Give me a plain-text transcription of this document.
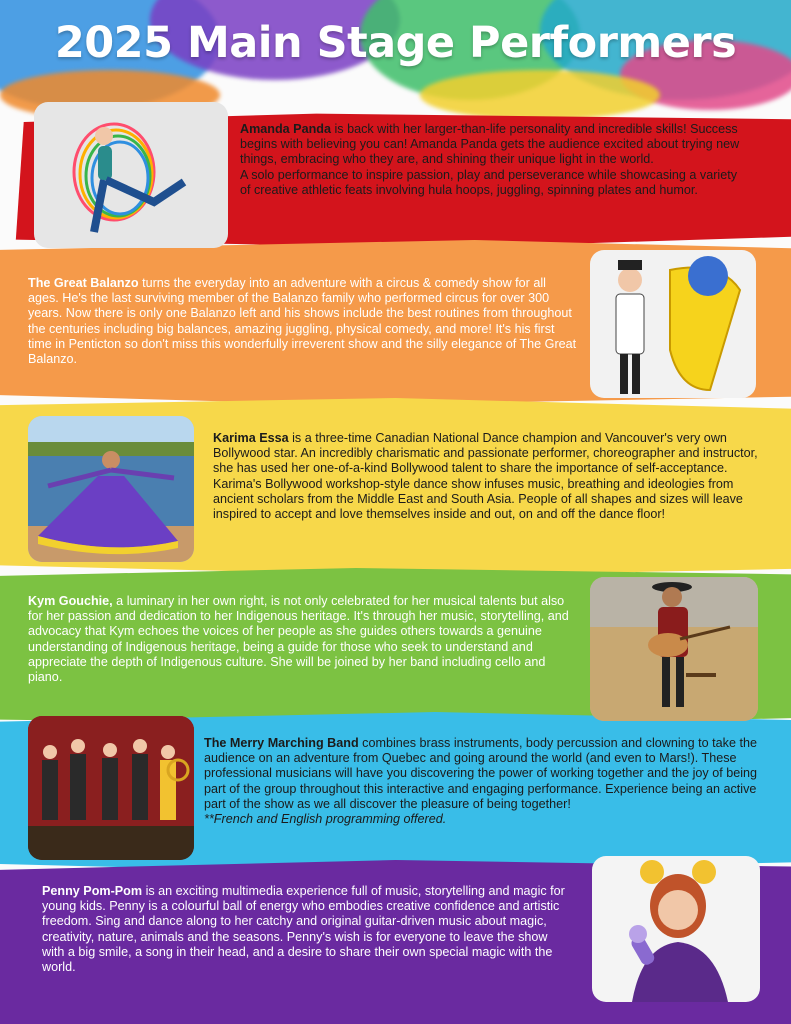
2025 Main Stage Performers

Amanda Panda is back with her larger-than-life personality and incredible skills! Success begins with believing you can! Amanda Panda gets the audience excited about trying new things, embracing who they are, and shining their unique light in the world.
A solo performance to inspire passion, play and perseverance while showcasing a variety of creative athletic feats involving hula hoops, juggling, spinning plates and humor.

The Great Balanzo turns the everyday into an adventure with a circus & comedy show for all ages. He's the last surviving member of the Balanzo family who performed circus for over 300 years. Now there is only one Balanzo left and his shows include the best routines from throughout the centuries including big balances, amazing juggling, physical comedy, and more! It's his first time in Penticton so don't miss this wonderfully irreverent show and the silly elegance of The Great Balanzo.

Karima Essa is a three-time Canadian National Dance champion and Vancouver's very own Bollywood star. An incredibly charismatic and passionate performer, choreographer and instructor, she has used her one-of-a-kind Bollywood talent to share the importance of self-acceptance. Karima's Bollywood workshop-style dance show infuses music, breathing and ideologies from ancient scholars from the Middle East and South Asia. People of all shapes and sizes will leave inspired to accept and love themselves inside and out, on and off the dance floor!

Kym Gouchie, a luminary in her own right, is not only celebrated for her musical talents but also for her passion and dedication to her Indigenous heritage. It's through her music, storytelling, and advocacy that Kym echoes the voices of her people as she guides others towards a genuine understanding of Indigenous heritage, being a guide for those who seek to understand and appreciate the depth of Indigenous culture. She will be joined by her band including cello and piano.

The Merry Marching Band combines brass instruments, body percussion and clowning to take the audience on an adventure from Quebec and going around the world (and even to Mars!). These professional musicians will have you discovering the power of working together and the joy of being part of the group throughout this interactive and engaging performance. Experience being an active part of the show as we all discover the pleasure of being together!
**French and English programming offered.

Penny Pom-Pom is an exciting multimedia experience full of music, storytelling and magic for young kids. Penny is a colourful ball of energy who embodies creative confidence and artistic freedom. Sing and dance along to her catchy and original guitar-driven music about magic, creativity, nature, animals and the seasons. Penny's wish is for everyone to leave the show with a big smile, a song in their head, and a desire to share their own special magic with the world.
